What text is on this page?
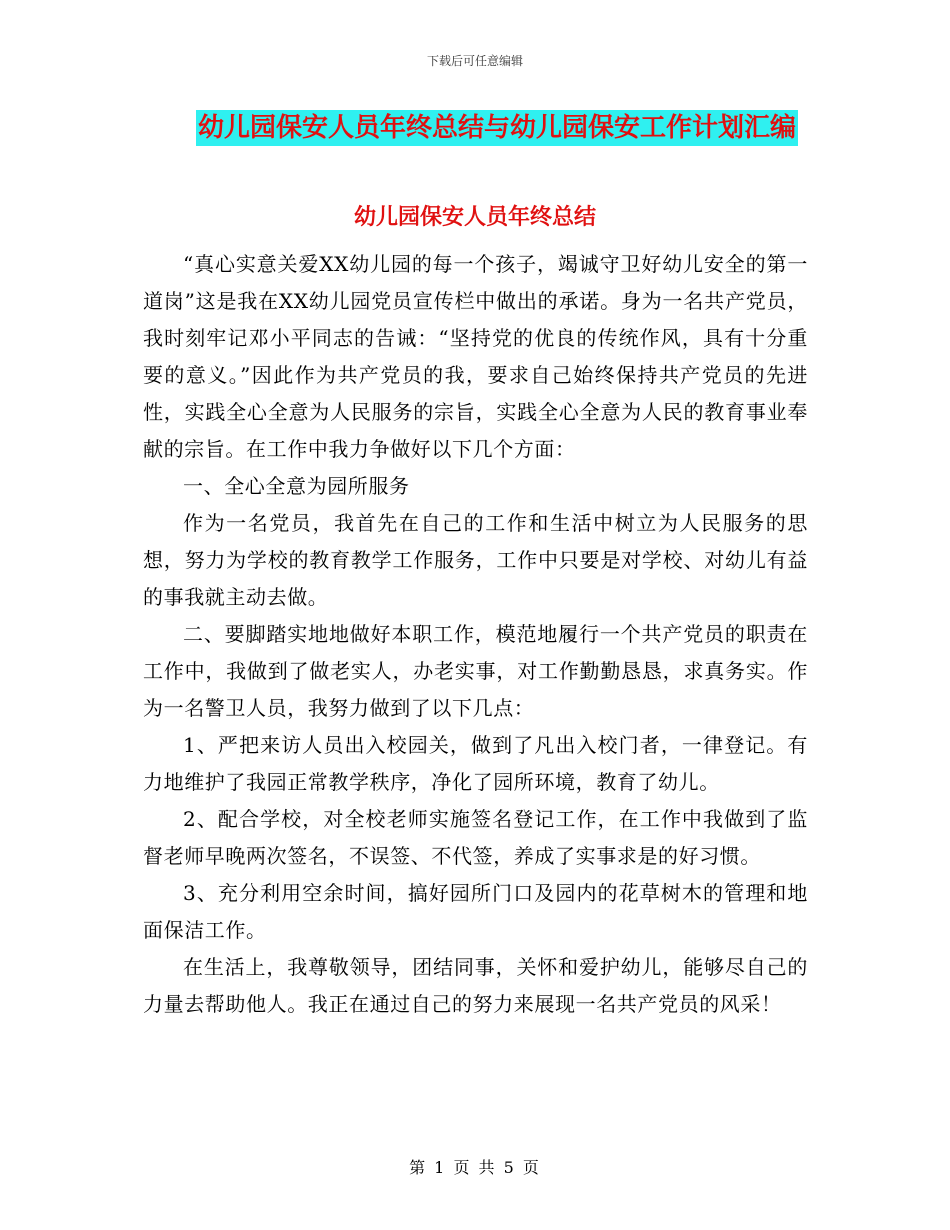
下载后可任意编辑
幼儿园保安人员年终总结与幼儿园保安工作计划汇编
幼儿园保安人员年终总结

“真心实意关爱XX幼儿园的每一个孩子，竭诚守卫好幼儿安全的第一道岗”这是我在XX幼儿园党员宣传栏中做出的承诺。身为一名共产党员，我时刻牢记邓小平同志的告诫：“坚持党的优良的传统作风，具有十分重要的意义。”因此作为共产党员的我，要求自己始终保持共产党员的先进性，实践全心全意为人民服务的宗旨，实践全心全意为人民的教育事业奉献的宗旨。在工作中我力争做好以下几个方面：

一、全心全意为园所服务

作为一名党员，我首先在自己的工作和生活中树立为人民服务的思想，努力为学校的教育教学工作服务，工作中只要是对学校、对幼儿有益的事我就主动去做。

二、要脚踏实地地做好本职工作，模范地履行一个共产党员的职责在工作中，我做到了做老实人，办老实事，对工作勤勤恳恳，求真务实。作为一名警卫人员，我努力做到了以下几点：

1、严把来访人员出入校园关，做到了凡出入校门者，一律登记。有力地维护了我园正常教学秩序，净化了园所环境，教育了幼儿。

2、配合学校，对全校老师实施签名登记工作，在工作中我做到了监督老师早晚两次签名，不误签、不代签，养成了实事求是的好习惯。

3、充分利用空余时间，搞好园所门口及园内的花草树木的管理和地面保洁工作。

在生活上，我尊敬领导，团结同事，关怀和爱护幼儿，能够尽自己的力量去帮助他人。我正在通过自己的努力来展现一名共产党员的风采！

第 1 页 共 5 页
